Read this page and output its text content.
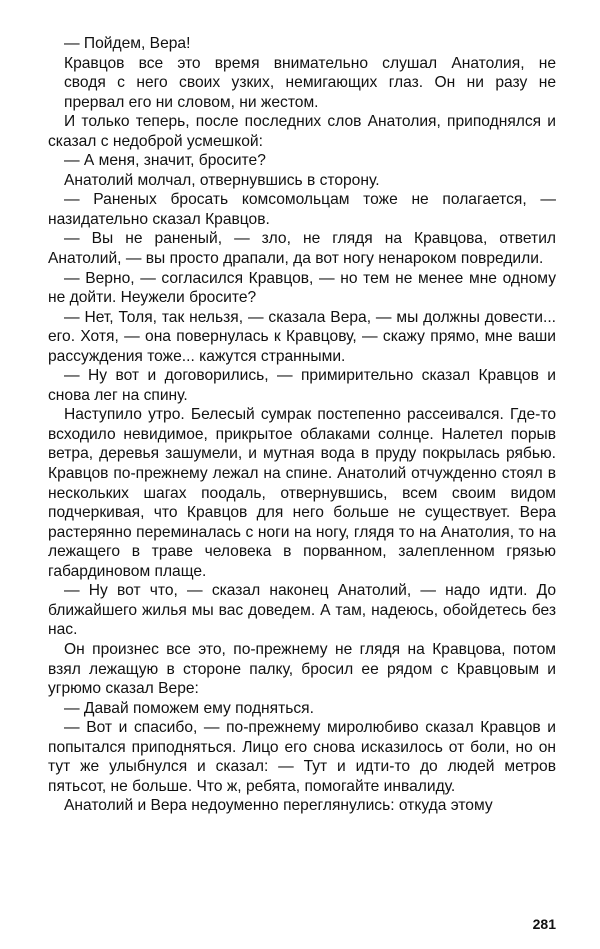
— Пойдем, Вера!

Кравцов все это время внимательно слушал Анатолия, не
сводя с него своих узких, немигающих глаз. Он ни разу не
прервал его ни словом, ни жестом.

И только теперь, после последних слов Анатолия, приподнялся и сказал с недоброй усмешкой:

— А меня, значит, бросите?

Анатолий молчал, отвернувшись в сторону.

— Раненых бросать комсомольцам тоже не полагается, — назидательно сказал Кравцов.

— Вы не раненый, — зло, не глядя на Кравцова, ответил Анатолий, — вы просто драпали, да вот ногу ненароком повредили.

— Верно, — согласился Кравцов, — но тем не менее мне одному не дойти. Неужели бросите?

— Нет, Толя, так нельзя, — сказала Вера, — мы должны довести... его. Хотя, — она повернулась к Кравцову, — скажу прямо, мне ваши рассуждения тоже... кажутся странными.

— Ну вот и договорились, — примирительно сказал Кравцов и снова лег на спину.

Наступило утро. Белесый сумрак постепенно рассеивался. Где-то всходило невидимое, прикрытое облаками солнце. Налетел порыв ветра, деревья зашумели, и мутная вода в пруду покрылась рябью. Кравцов по-прежнему лежал на спине. Анатолий отчужденно стоял в нескольких шагах поодаль, отвернувшись, всем своим видом подчеркивая, что Кравцов для него больше не существует. Вера растерянно переминалась с ноги на ногу, глядя то на Анатолия, то на лежащего в траве человека в порванном, залепленном грязью габардиновом плаще.

— Ну вот что, — сказал наконец Анатолий, — надо идти. До ближайшего жилья мы вас доведем. А там, надеюсь, обойдетесь без нас.

Он произнес все это, по-прежнему не глядя на Кравцова, потом взял лежащую в стороне палку, бросил ее рядом с Кравцовым и угрюмо сказал Вере:

— Давай поможем ему подняться.

— Вот и спасибо, — по-прежнему миролюбиво сказал Кравцов и попытался приподняться. Лицо его снова исказилось от боли, но он тут же улыбнулся и сказал: — Тут и идти-то до людей метров пятьсот, не больше. Что ж, ребята, помогайте инвалиду.

Анатолий и Вера недоуменно переглянулись: откуда этому

281
